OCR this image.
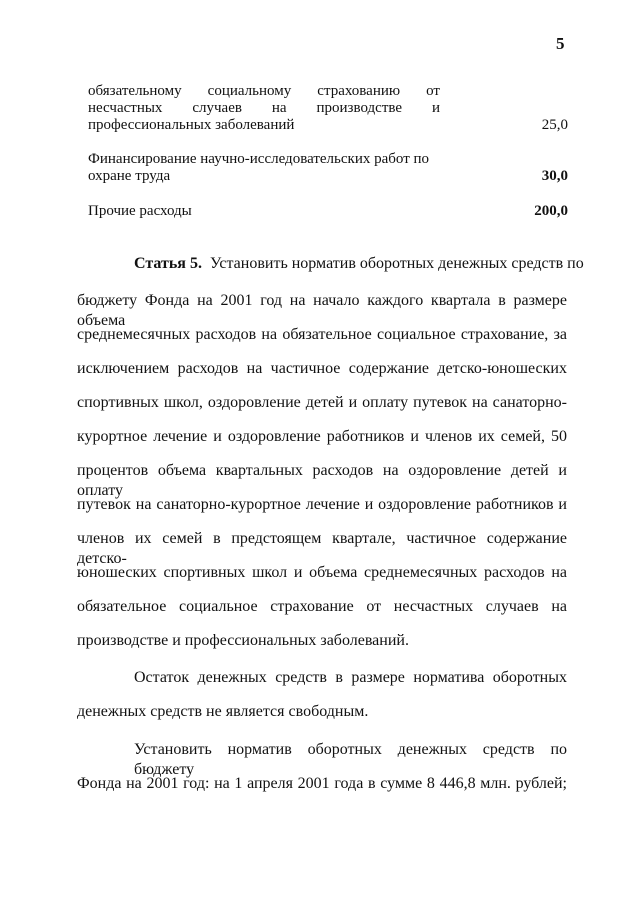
5
обязательному социальному страхованию от
несчастных случаев на производстве и
профессиональных заболеваний	25,0
Финансирование научно-исследовательских работ по
охране труда	30,0
Прочие расходы	200,0
Статья 5. Установить норматив оборотных денежных средств по
бюджету Фонда на 2001 год на начало каждого квартала в размере объема
среднемесячных расходов на обязательное социальное страхование, за
исключением расходов на частичное содержание детско-юношеских
спортивных школ, оздоровление детей и оплату путевок на санаторно-
курортное лечение и оздоровление работников и членов их семей, 50
процентов объема квартальных расходов на оздоровление детей и оплату
путевок на санаторно-курортное лечение и оздоровление работников и
членов их семей в предстоящем квартале, частичное содержание детско-
юношеских спортивных школ и объема среднемесячных расходов на
обязательное социальное страхование от несчастных случаев на
производстве и профессиональных заболеваний.
Остаток денежных средств в размере норматива оборотных
денежных средств не является свободным.
Установить норматив оборотных денежных средств по бюджету
Фонда на 2001 год: на 1 апреля 2001 года в сумме 8 446,8 млн. рублей;
